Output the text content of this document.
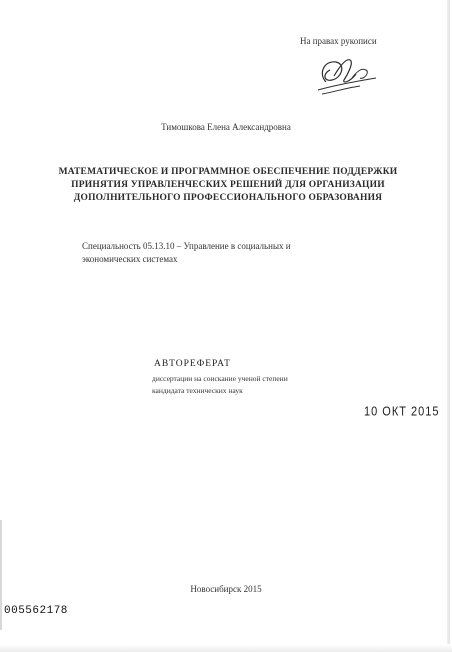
На правах рукописи
Тимошкова Елена Александровна
МАТЕМАТИЧЕСКОЕ И ПРОГРАММНОЕ ОБЕСПЕЧЕНИЕ ПОДДЕРЖКИ
ПРИНЯТИЯ УПРАВЛЕНЧЕСКИХ РЕШЕНИЙ ДЛЯ ОРГАНИЗАЦИИ
ДОПОЛНИТЕЛЬНОГО ПРОФЕССИОНАЛЬНОГО ОБРАЗОВАНИЯ
Специальность 05.13.10 – Управление в социальных и
экономических системах
АВТОРЕФЕРАТ
диссертации на соискание ученой степени
кандидата технических наук
10 ОКТ 2015
Новосибирск 2015
005562178
